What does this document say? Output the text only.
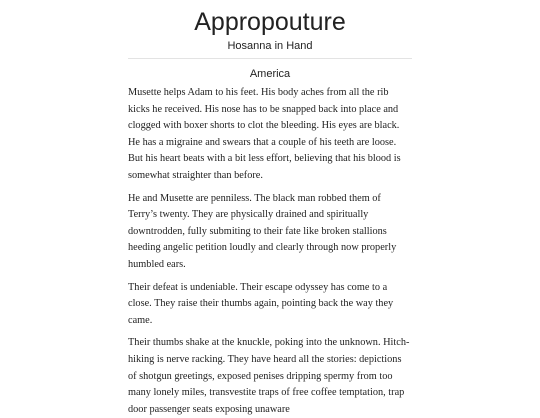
Appropouture
Hosanna in Hand
America

Musette helps Adam to his feet. His body aches from all the rib kicks he received. His nose has to be snapped back into place and clogged with boxer shorts to clot the bleeding. His eyes are black. He has a migraine and swears that a couple of his teeth are loose. But his heart beats with a bit less effort, believing that his blood is somewhat straighter than before.

He and Musette are penniless. The black man robbed them of Terry’s twenty. They are physically drained and spiritually downtrodden, fully submiting to their fate like broken stallions heeding angelic petition loudly and clearly through now properly humbled ears.

Their defeat is undeniable. Their escape odyssey has come to a close. They raise their thumbs again, pointing back the way they came.

Their thumbs shake at the knuckle, poking into the unknown. Hitch-hiking is nerve racking. They have heard all the stories: depictions of shotgun greetings, exposed penises dripping spermy from too many lonely miles, transvestite traps of free coffee temptation, trap door passenger seats exposing unaware
